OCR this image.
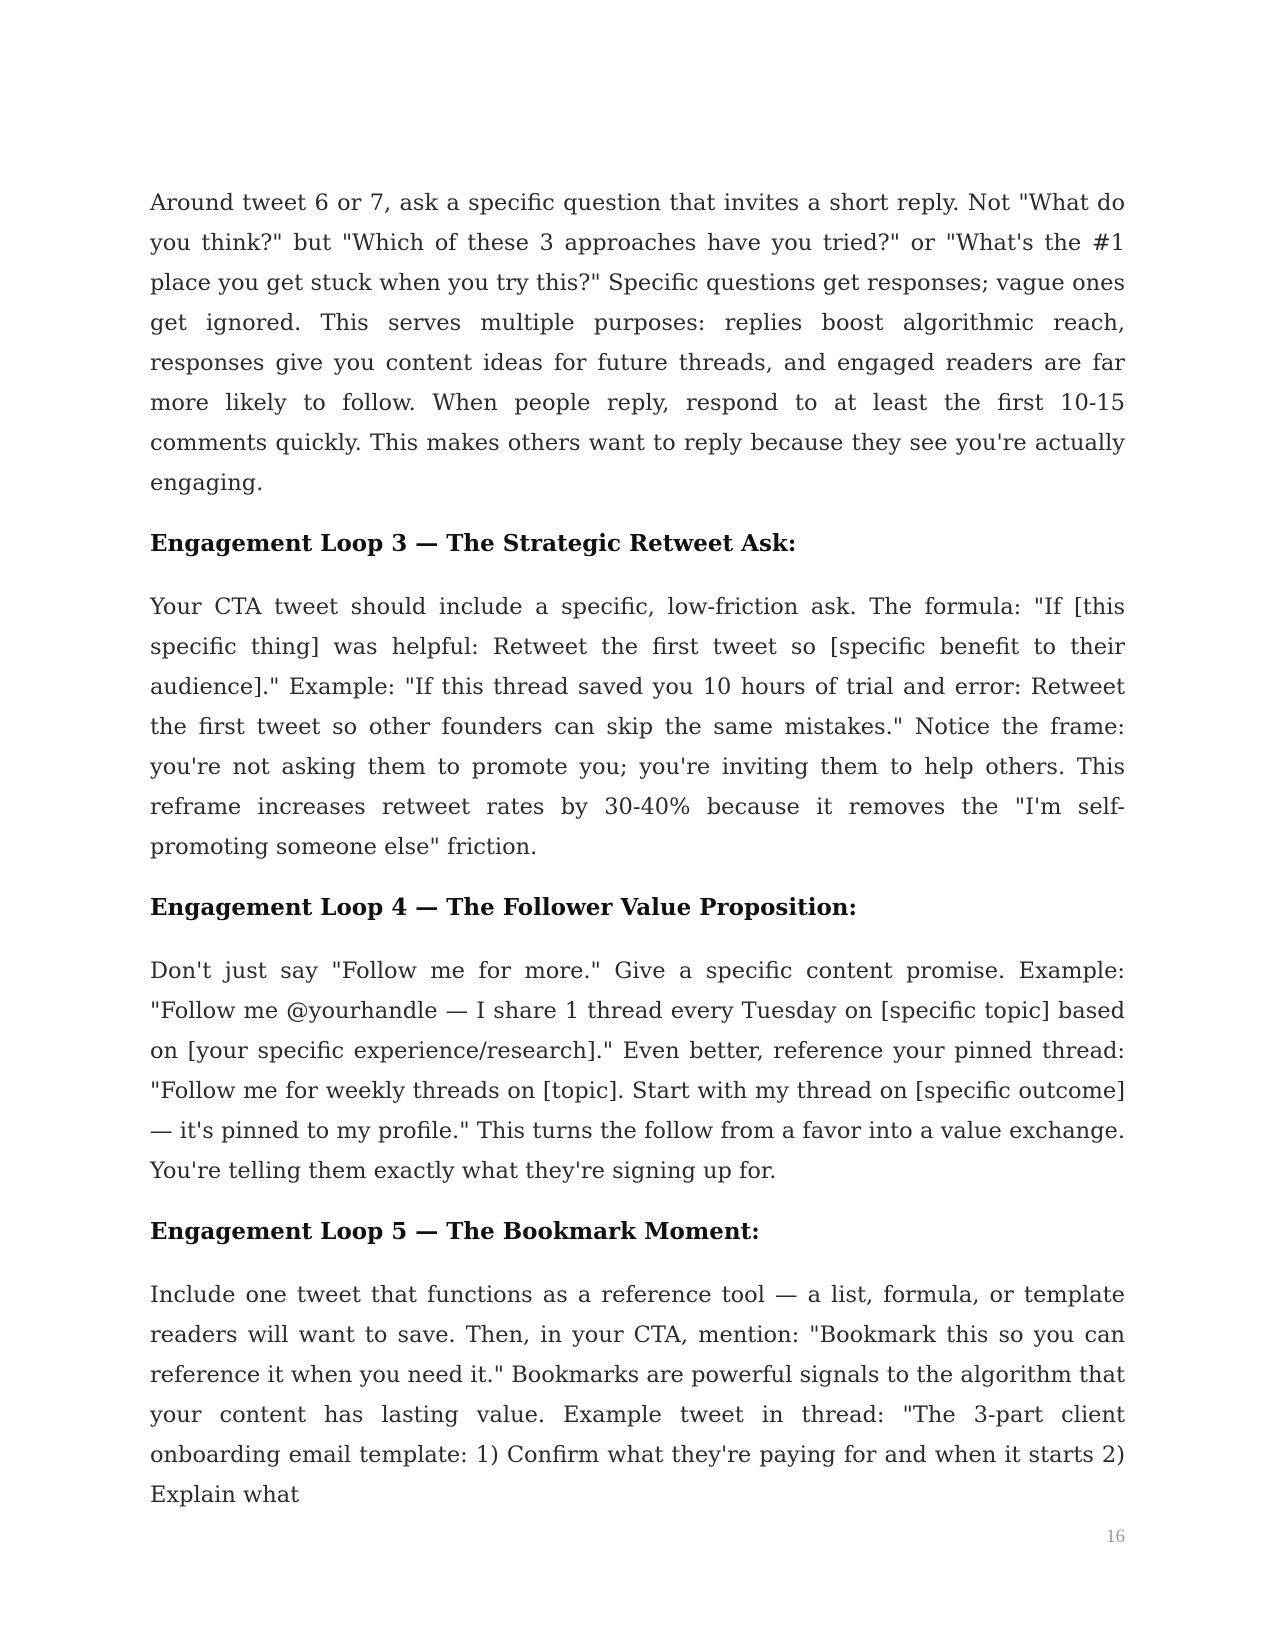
Around tweet 6 or 7, ask a specific question that invites a short reply. Not "What do you think?" but "Which of these 3 approaches have you tried?" or "What's the #1 place you get stuck when you try this?" Specific questions get responses; vague ones get ignored. This serves multiple purposes: replies boost algorithmic reach, responses give you content ideas for future threads, and engaged readers are far more likely to follow. When people reply, respond to at least the first 10-15 comments quickly. This makes others want to reply because they see you're actually engaging.

Engagement Loop 3 — The Strategic Retweet Ask:

Your CTA tweet should include a specific, low-friction ask. The formula: "If [this specific thing] was helpful: Retweet the first tweet so [specific benefit to their audience]." Example: "If this thread saved you 10 hours of trial and error: Retweet the first tweet so other founders can skip the same mistakes." Notice the frame: you're not asking them to promote you; you're inviting them to help others. This reframe increases retweet rates by 30-40% because it removes the "I'm self-promoting someone else" friction.

Engagement Loop 4 — The Follower Value Proposition:

Don't just say "Follow me for more." Give a specific content promise. Example: "Follow me @yourhandle — I share 1 thread every Tuesday on [specific topic] based on [your specific experience/research]." Even better, reference your pinned thread: "Follow me for weekly threads on [topic]. Start with my thread on [specific outcome] — it's pinned to my profile." This turns the follow from a favor into a value exchange. You're telling them exactly what they're signing up for.

Engagement Loop 5 — The Bookmark Moment:

Include one tweet that functions as a reference tool — a list, formula, or template readers will want to save. Then, in your CTA, mention: "Bookmark this so you can reference it when you need it." Bookmarks are powerful signals to the algorithm that your content has lasting value. Example tweet in thread: "The 3-part client onboarding email template: 1) Confirm what they're paying for and when it starts 2) Explain what

16
